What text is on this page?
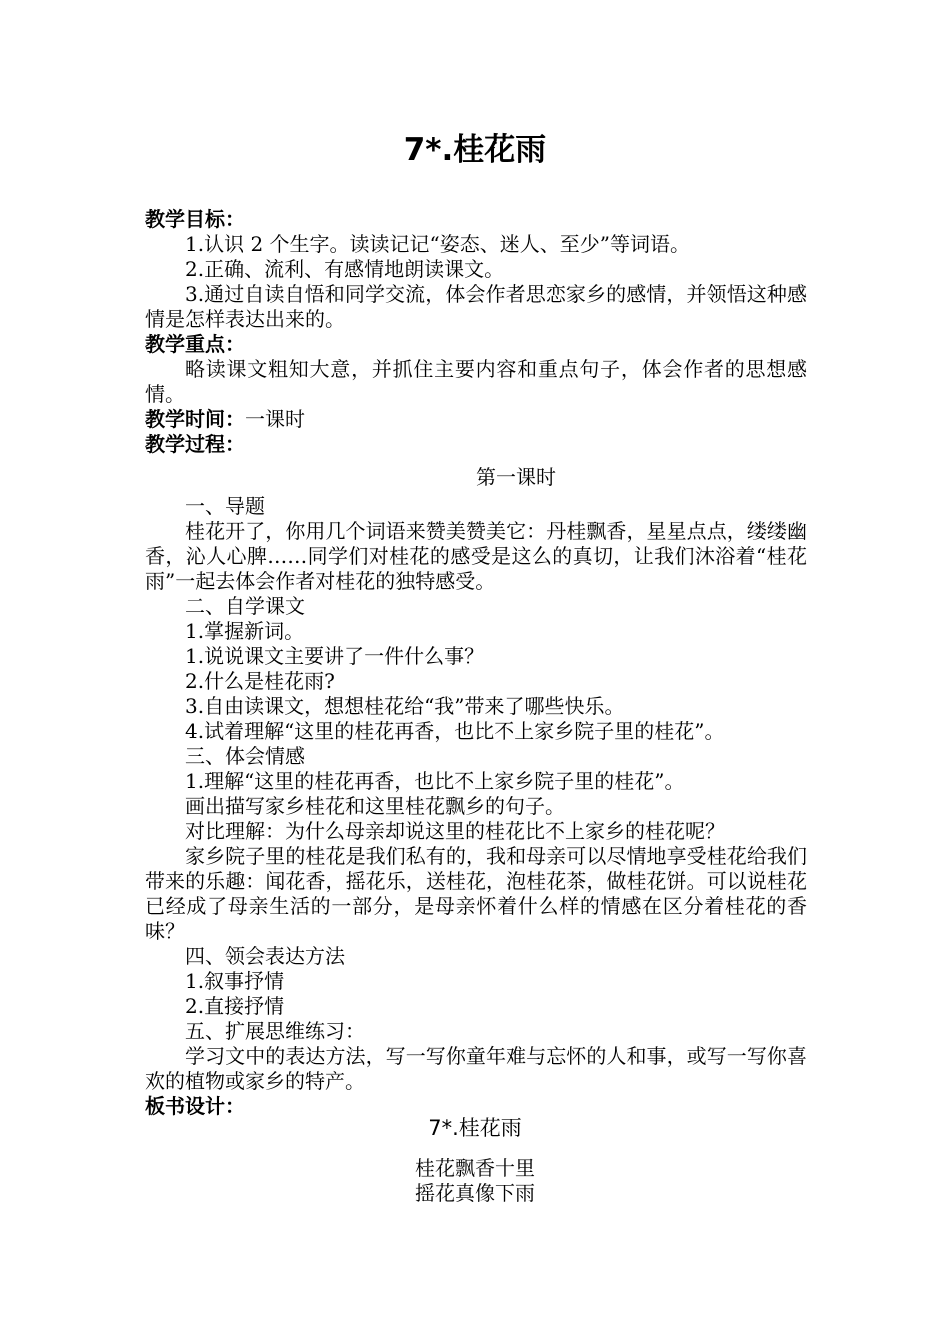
7*.桂花雨

教学目标：

1.认识 2 个生字。读读记记“姿态、迷人、至少”等词语。

2.正确、流利、有感情地朗读课文。

3.通过自读自悟和同学交流，体会作者思恋家乡的感情，并领悟这种感情是怎样表达出来的。

教学重点：

略读课文粗知大意，并抓住主要内容和重点句子，体会作者的思想感情。

教学时间：一课时

教学过程：

第一课时

一、导题

桂花开了，你用几个词语来赞美赞美它：丹桂飘香，星星点点，缕缕幽香，沁人心脾……同学们对桂花的感受是这么的真切，让我们沐浴着“桂花雨”一起去体会作者对桂花的独特感受。

二、自学课文

1.掌握新词。

1.说说课文主要讲了一件什么事？

2.什么是桂花雨?

3.自由读课文，想想桂花给“我”带来了哪些快乐。

4.试着理解“这里的桂花再香，也比不上家乡院子里的桂花”。

三、体会情感

1.理解“这里的桂花再香，也比不上家乡院子里的桂花”。

画出描写家乡桂花和这里桂花飘乡的句子。

对比理解：为什么母亲却说这里的桂花比不上家乡的桂花呢？

家乡院子里的桂花是我们私有的，我和母亲可以尽情地享受桂花给我们带来的乐趣：闻花香，摇花乐，送桂花，泡桂花茶，做桂花饼。可以说桂花已经成了母亲生活的一部分，是母亲怀着什么样的情感在区分着桂花的香味？

四、领会表达方法

1.叙事抒情

2.直接抒情

五、扩展思维练习：

学习文中的表达方法，写一写你童年难与忘怀的人和事，或写一写你喜欢的植物或家乡的特产。

板书设计：

7*.桂花雨
桂花飘香十里
摇花真像下雨
